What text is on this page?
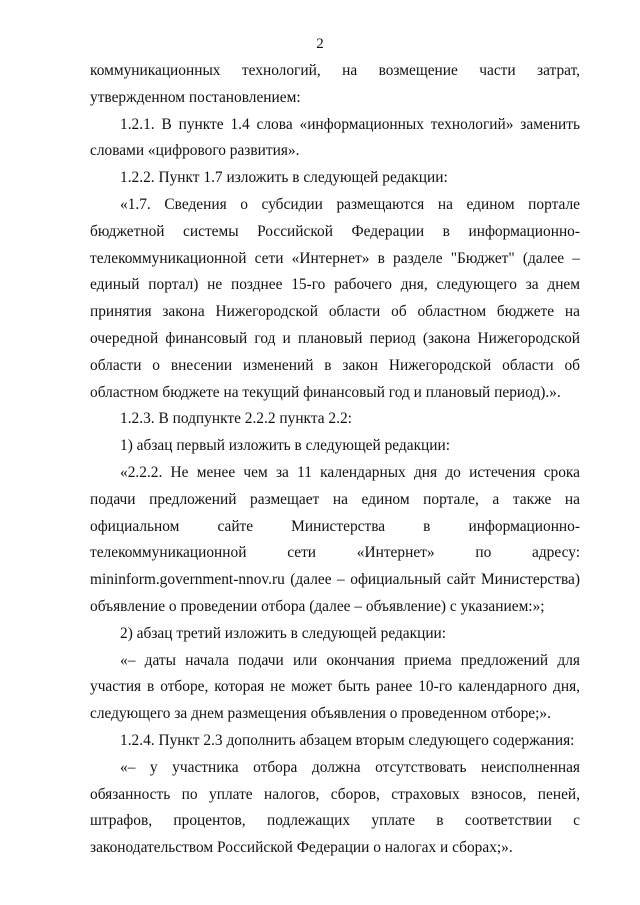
2

коммуникационных технологий, на возмещение части затрат, утвержденном постановлением:

1.2.1. В пункте 1.4 слова «информационных технологий» заменить словами «цифрового развития».

1.2.2. Пункт 1.7 изложить в следующей редакции:

«1.7. Сведения о субсидии размещаются на едином портале бюджетной системы Российской Федерации в информационно-телекоммуникационной сети «Интернет» в разделе "Бюджет" (далее – единый портал) не позднее 15-го рабочего дня, следующего за днем принятия закона Нижегородской области об областном бюджете на очередной финансовый год и плановый период (закона Нижегородской области о внесении изменений в закон Нижегородской области об областном бюджете на текущий финансовый год и плановый период).».

1.2.3. В подпункте 2.2.2 пункта 2.2:

1) абзац первый изложить в следующей редакции:

«2.2.2. Не менее чем за 11 календарных дня до истечения срока подачи предложений размещает на едином портале, а также на официальном сайте Министерства в информационно-телекоммуникационной сети «Интернет» по адресу: mininform.government-nnov.ru (далее – официальный сайт Министерства) объявление о проведении отбора (далее – объявление) с указанием:»;

2) абзац третий изложить в следующей редакции:

«– даты начала подачи или окончания приема предложений для участия в отборе, которая не может быть ранее 10-го календарного дня, следующего за днем размещения объявления о проведенном отборе;».

1.2.4. Пункт 2.3 дополнить абзацем вторым следующего содержания:

«– у участника отбора должна отсутствовать неисполненная обязанность по уплате налогов, сборов, страховых взносов, пеней, штрафов, процентов, подлежащих уплате в соответствии с законодательством Российской Федерации о налогах и сборах;».
